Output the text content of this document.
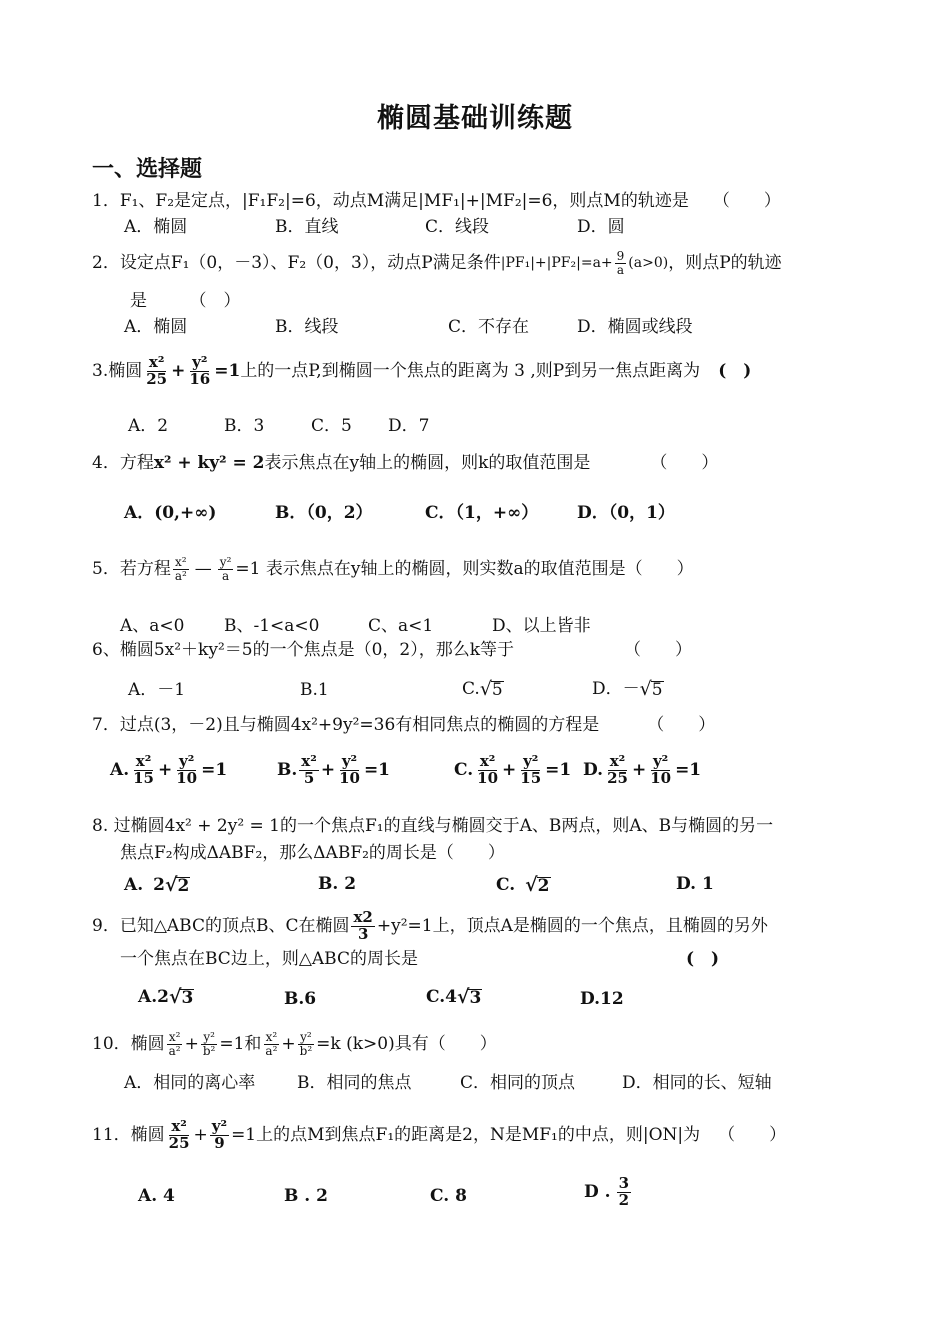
椭圆基础训练题
一、选择题
1．F₁、F₂是定点，|F₁F₂|=6，动点M满足|MF₁|+|MF₂|=6，则点M的轨迹是 （　　）
A．椭圆	B．直线	C．线段	D．圆
2．设定点F₁（0，－3）、F₂（0，3），动点P满足条件 $|PF_1|+|PF_2|=a+ \frac{9}{a} (a>0)$ ，则点P的轨迹
是　　　（　）
A．椭圆	B．线段	C．不存在	D．椭圆或线段
3.椭圆 $\frac{\text{x²}}{25} + \frac{\text{y²}}{16} =1$ 上的一点P,到椭圆一个焦点的距离为 3 ,则P到另一焦点距离为 (　)
A．2	B．3	C．5 D．7
4．方程 x² + ky² = 2 表示焦点在y轴上的椭圆，则k的取值范围是	（　　）
A．(0,+∞)	B．（0，2）	C．（1，+∞） D．（0，1）
5．若方程 $\frac{\text{x²}}{\text{a²}}$ — $\frac{\text{y²}}{a} =1$ 表示焦点在y轴上的椭圆，则实数a的取值范围是（　　）
A、a<0 B、-1<a<0	C、a<1	D、以上皆非
6、椭圆5x²＋ky²＝5的一个焦点是（0，2），那么k等于	（　　）
A．－1	B.1	C. √ 5	D．－ √ 5
7．过点(3，－2)且与椭圆4x²+9y²=36有相同焦点的椭圆的方程是	（　　）
A. $\frac{\text{x²}}{15} + \frac{\text{y²}}{10} =1$	B. $\frac{\text{x²}}{5} + \frac{\text{y²}}{10} =1$	C. $\frac{\text{x²}}{10} + \frac{\text{y²}}{15} =1$ D. $\frac{\text{x²}}{25} + \frac{\text{y²}}{10} =1$
8. 过椭圆4x² + 2y² = 1的一个焦点F₁的直线与椭圆交于A、B两点，则A、B与椭圆的另一
焦点F₂构成ΔABF₂，那么ΔABF₂的周长是（　　）
A. 2 √ 2	B. 2	C. √ 2	D. 1
9．已知△ABC的顶点B、C在椭圆 $\frac{x2}{3} +y^2=1$上，顶点A是椭圆的一个焦点，且椭圆的另外
一个焦点在BC边上，则△ABC的周长是	(　)
A.2 √ 3	B.6	C.4 √ 3	D.12
10．椭圆 $\frac{\text{x²}}{\text{a²}} + \frac{\text{y²}}{\text{b²}} =1$和 $\frac{\text{x²}}{\text{a²}} + \frac{\text{y²}}{\text{b²}} =k$ (k>0)具有（　　）
A．相同的离心率 B．相同的焦点	C．相同的顶点	D．相同的长、短轴
11．椭圆 $\frac{\text{x²}}{25} + \frac{\text{y²}}{9} =1$上的点M到焦点F₁的距离是2，N是MF₁的中点，则|ON|为 （　　）
A. 4	B . 2	C. 8	D . $\frac{3}{2}$
